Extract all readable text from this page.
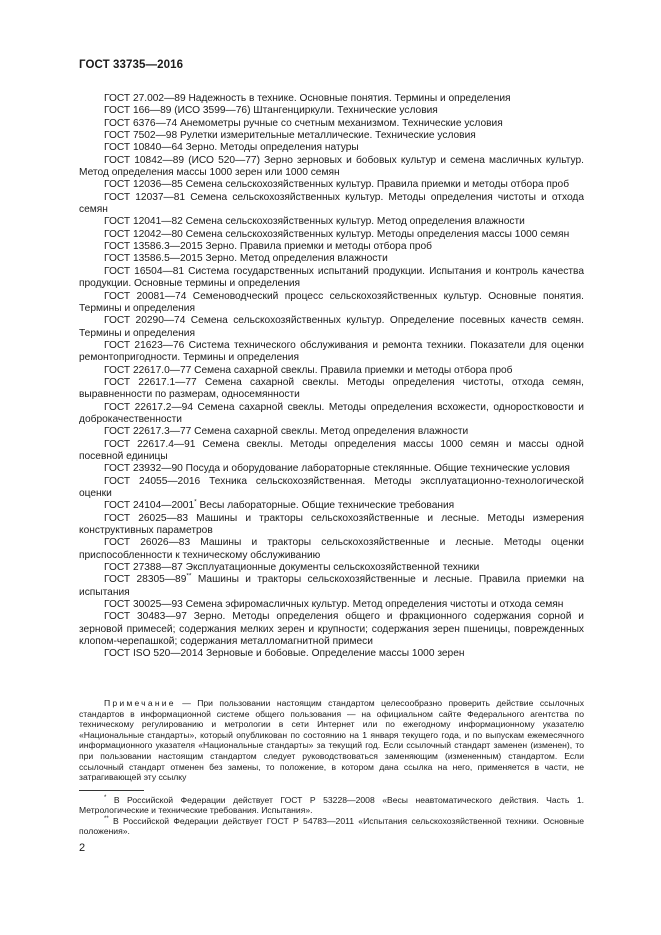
ГОСТ 33735—2016

ГОСТ 27.002—89 Надежность в технике. Основные понятия. Термины и определения

ГОСТ 166—89 (ИСО 3599—76) Штангенциркули. Технические условия

ГОСТ 6376—74 Анемометры ручные со счетным механизмом. Технические условия

ГОСТ 7502—98 Рулетки измерительные металлические. Технические условия

ГОСТ 10840—64 Зерно. Методы определения натуры

ГОСТ 10842—89 (ИСО 520—77) Зерно зерновых и бобовых культур и семена масличных культур. Метод определения массы 1000 зерен или 1000 семян

ГОСТ 12036—85 Семена сельскохозяйственных культур. Правила приемки и методы отбора проб

ГОСТ 12037—81 Семена сельскохозяйственных культур. Методы определения чистоты и отхода семян

ГОСТ 12041—82 Семена сельскохозяйственных культур. Метод определения влажности

ГОСТ 12042—80 Семена сельскохозяйственных культур. Методы определения массы 1000 семян

ГОСТ 13586.3—2015 Зерно. Правила приемки и методы отбора проб

ГОСТ 13586.5—2015 Зерно. Метод определения влажности

ГОСТ 16504—81 Система государственных испытаний продукции. Испытания и контроль качества продукции. Основные термины и определения

ГОСТ 20081—74 Семеноводческий процесс сельскохозяйственных культур. Основные понятия. Термины и определения

ГОСТ 20290—74 Семена сельскохозяйственных культур. Определение посевных качеств семян. Термины и определения

ГОСТ 21623—76 Система технического обслуживания и ремонта техники. Показатели для оценки ремонтопригодности. Термины и определения

ГОСТ 22617.0—77 Семена сахарной свеклы. Правила приемки и методы отбора проб

ГОСТ 22617.1—77 Семена сахарной свеклы. Методы определения чистоты, отхода семян, выравненности по размерам, односемянности

ГОСТ 22617.2—94 Семена сахарной свеклы. Методы определения всхожести, одноростковости и доброкачественности

ГОСТ 22617.3—77 Семена сахарной свеклы. Метод определения влажности

ГОСТ 22617.4—91 Семена свеклы. Методы определения массы 1000 семян и массы одной посевной единицы

ГОСТ 23932—90 Посуда и оборудование лабораторные стеклянные. Общие технические условия

ГОСТ 24055—2016 Техника сельскохозяйственная. Методы эксплуатационно-технологической оценки

ГОСТ 24104—2001* Весы лабораторные. Общие технические требования

ГОСТ 26025—83 Машины и тракторы сельскохозяйственные и лесные. Методы измерения конструктивных параметров

ГОСТ 26026—83 Машины и тракторы сельскохозяйственные и лесные. Методы оценки приспособленности к техническому обслуживанию

ГОСТ 27388—87 Эксплуатационные документы сельскохозяйственной техники

ГОСТ 28305—89** Машины и тракторы сельскохозяйственные и лесные. Правила приемки на испытания

ГОСТ 30025—93 Семена эфиромасличных культур. Метод определения чистоты и отхода семян

ГОСТ 30483—97 Зерно. Методы определения общего и фракционного содержания сорной и зерновой примесей; содержания мелких зерен и крупности; содержания зерен пшеницы, поврежденных клопом-черепашкой; содержания металломагнитной примеси

ГОСТ ISO 520—2014 Зерновые и бобовые. Определение массы 1000 зерен

Примечание — При пользовании настоящим стандартом целесообразно проверить действие ссылочных стандартов в информационной системе общего пользования — на официальном сайте Федерального агентства по техническому регулированию и метрологии в сети Интернет или по ежегодному информационному указателю «Национальные стандарты», который опубликован по состоянию на 1 января текущего года, и по выпускам ежемесячного информационного указателя «Национальные стандарты» за текущий год. Если ссылочный стандарт заменен (изменен), то при пользовании настоящим стандартом следует руководствоваться заменяющим (измененным) стандартом. Если ссылочный стандарт отменен без замены, то положение, в котором дана ссылка на него, применяется в части, не затрагивающей эту ссылку

* В Российской Федерации действует ГОСТ Р 53228—2008 «Весы неавтоматического действия. Часть 1. Метрологические и технические требования. Испытания».

** В Российской Федерации действует ГОСТ Р 54783—2011 «Испытания сельскохозяйственной техники. Основные положения».

2
